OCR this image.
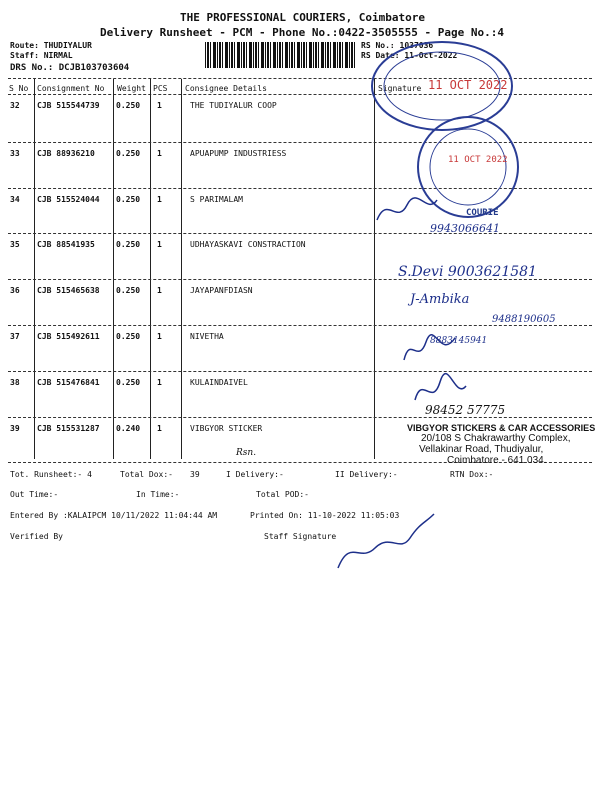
THE PROFESSIONAL COURIERS, Coimbatore
Delivery Runsheet - PCM - Phone No.:0422-3505555 - Page No.:4
Route: THUDIYALUR
Staff: NIRMAL
DRS No.: DCJB103703604
RS No.: 1037036
RS Date: 11-Oct-2022
S No Consignment No Weight PCS Consignee Details	Signature
32 CJB 515544739 0.250 1	THE TUDIYALUR COOP
33 CJB 88936210	0.250 1	APUAPUMP INDUSTRIESS
34 CJB 515524044 0.250 1	S PARIMALAM
35 CJB 88541935	0.250 1	UDHAYASKAVI CONSTRACTION
36 CJB 515465638 0.250 1	JAYAPANFDIASN
37 CJB 515492611 0.250 1	NIVETHA
38 CJB 515476841 0.250 1	KULAINDAIVEL
39 CJB 515531287 0.240 1	VIBGYOR STICKER
Tot. Runsheet:- 4	Total Dox:- 39	I Delivery:-	II Delivery:-	RTN Dox:-
Out Time:-	In Time:-	Total POD:-
Entered By :KALAIPCM 10/11/2022 11:04:44 AM	Printed On: 11-10-2022 11:05:03
Verified By	Staff Signature
11 OCT 2022
11 OCT 2022
COURIE
9943066641
S.Devi 9003621581
J-Ambika
9488190605
8883145941
98452 57775
Rsn.
VIBGYOR STICKERS & CAR ACCESSORIES
20/108 S Chakrawarthy Complex,
Vellakinar Road, Thudiyalur,
Coimbatore - 641 034.
